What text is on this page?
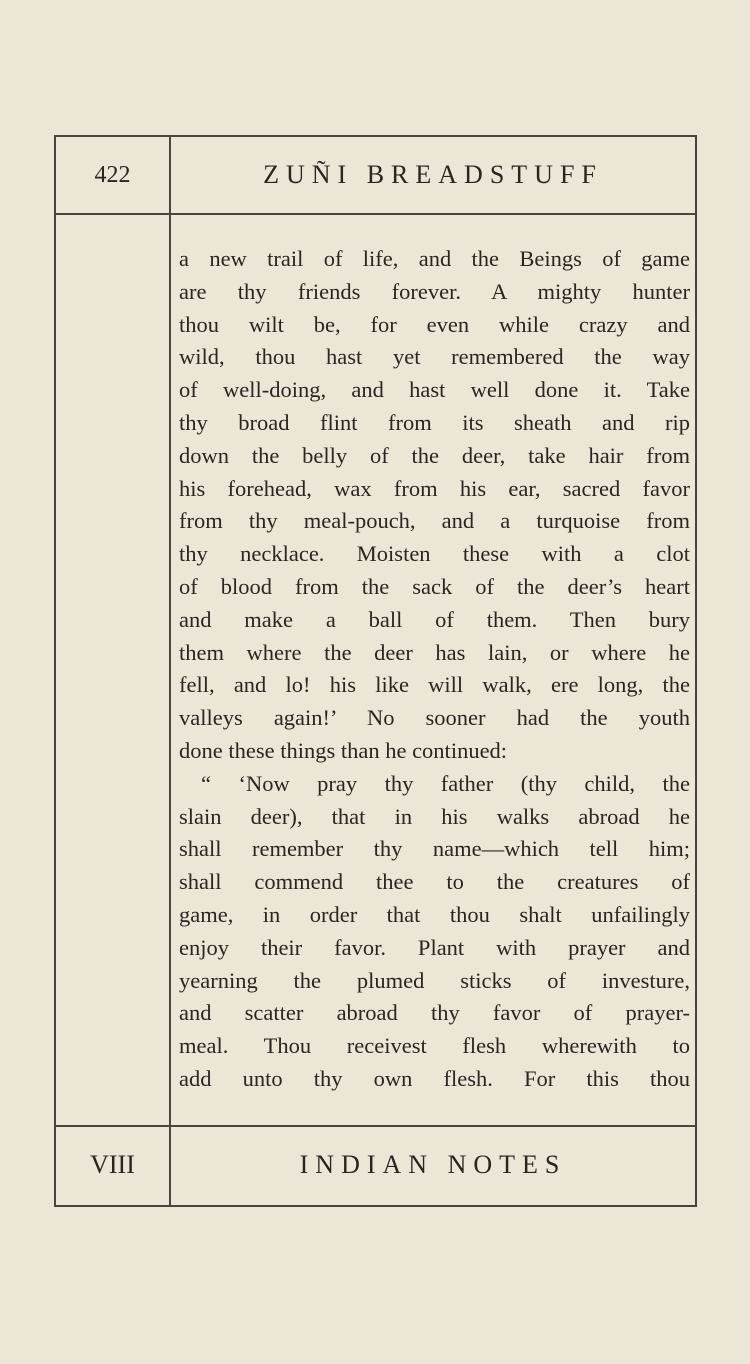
422	ZUÑI BREADSTUFF
a new trail of life, and the Beings of game
are thy friends forever. A mighty hunter
thou wilt be, for even while crazy and
wild, thou hast yet remembered the way
of well-doing, and hast well done it. Take
thy broad flint from its sheath and rip
down the belly of the deer, take hair from
his forehead, wax from his ear, sacred favor
from thy meal-pouch, and a turquoise from
thy necklace. Moisten these with a clot
of blood from the sack of the deer’s heart
and make a ball of them. Then bury
them where the deer has lain, or where he
fell, and lo! his like will walk, ere long, the
valleys again!’ No sooner had the youth
done these things than he continued:
“ ‘Now pray thy father (thy child, the
slain deer), that in his walks abroad he
shall remember thy name—which tell him;
shall commend thee to the creatures of
game, in order that thou shalt unfailingly
enjoy their favor. Plant with prayer and
yearning the plumed sticks of investure,
and scatter abroad thy favor of prayer-
meal. Thou receivest flesh wherewith to
add unto thy own flesh. For this thou
VIII	INDIAN NOTES
